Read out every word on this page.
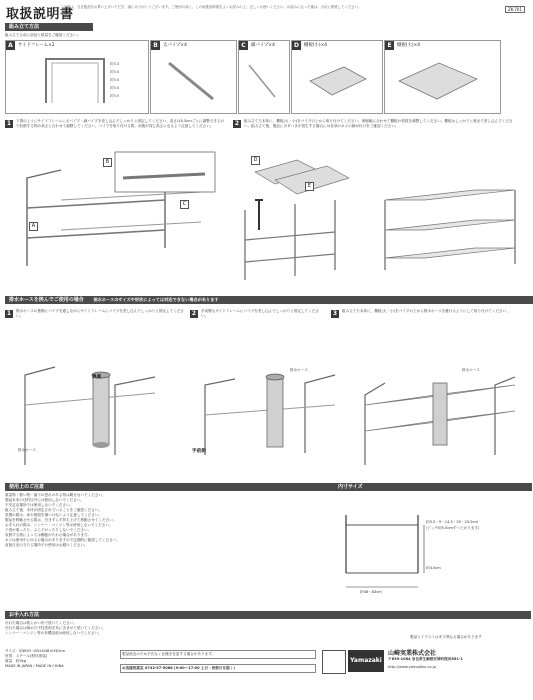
取扱説明書
この度は、当社製品をお買い上げいただき、誠にありがとうございます。ご使用の前に、この取扱説明書をよくお読みの上、正しくお使いください。お読みになった後は、大切に保管してください。	ZK-701
組み立て方法
組み立てる前に部品と数量をご確認ください。
A	サイドフレーム×2
約3.5
約3.5
約3.5
約3.5
約3.5
B	太パイプ×4	C	細パイプ×4	D	棚板(小)×4	E	棚板(大)×4
1	下図のようにサイドフレームに太パイプ・細パイプを差し込んでしっかりと固定してください。高さは5.5cmごとに調整できるので収納する物の高さに合わせて調整してください。パイプを取り付ける際、前後が同じ高さになるよう注意してください。	2	組み立てた本体に、棚板(大・小)をパイプの上から取り付けてください。伸縮幅に合わせて棚板の枚数を調整してください。棚板はしっかりと奥まで差し込んでください。組み立て後、製品にガタつきが発生する場合には各部のネジの締め付けをご確認ください。
B
C
A
D
E
排水ホースを挟んでご使用の場合 排水ホースのサイズや形状によっては対応できない場合があります
1	排水ホースの裏側にパイプを通しながらサイドフレームにパイプを差し込んでしっかりと固定してください。	2	手前側もサイドフレームにパイプを差し込んでしっかりと固定してください。	3	組み立てた本体に、棚板(大・小)をパイプの上から排水ホースを避けるようにして取り付けてください。
奥側
手前側
排水ホース
排水ホース	排水ホース
使用上のご注意
重量物・熱い物・落下の恐れのある物は載せないでください。
製品本来の目的以外には使用しないでください。
不安定な場所では使用しないでください。
組み立て後、本体が固定されていることをご確認ください。
設置の際は、床や壁面を傷つけないよう注意してください。
製品を移動させる際は、引きずらず持ち上げて移動させてください。
お手入れの際は、シンナー・ベンジン等は使用しないでください。
子供が乗ったり、ぶら下がったりしないでください。
収納する物によっては棚板がたわむ場合があります。
ネジは使用中にゆるむ場合がありますので定期的に確認してください。
直射日光の当たる場所での使用はお避けください。
内寸サイズ
約3.5・9・14.5・20・25.5cm
(ピッチ約5.5cmずつ上がります)
約4.5cm
約48〜83cm
お手入れ方法
汚れた場合は柔らかい布で拭いてください。
汚れた場合は薄めた中性洗剤を布に含ませて拭いてください。
シンナー・ベンジン等の有機溶剤は使用しないでください。
サイズ：約W50〜83×D48×H30cm
材質：スチール(粉体塗装)
重量：約5kg
MADE IN JAPAN / MADE IN CHINA
製品改良のため予告なく仕様を変更する場合があります。
お客様相談室 0743-57-5068 (9:00〜17:00 土日・祝祭日を除く)
Yamazaki
山崎実業株式会社
〒639-1064 奈良県生駒郡安堵町窪田851-1
http://www.yamajitsu.co.jp
製品とイラストは多少異なる場合があります
